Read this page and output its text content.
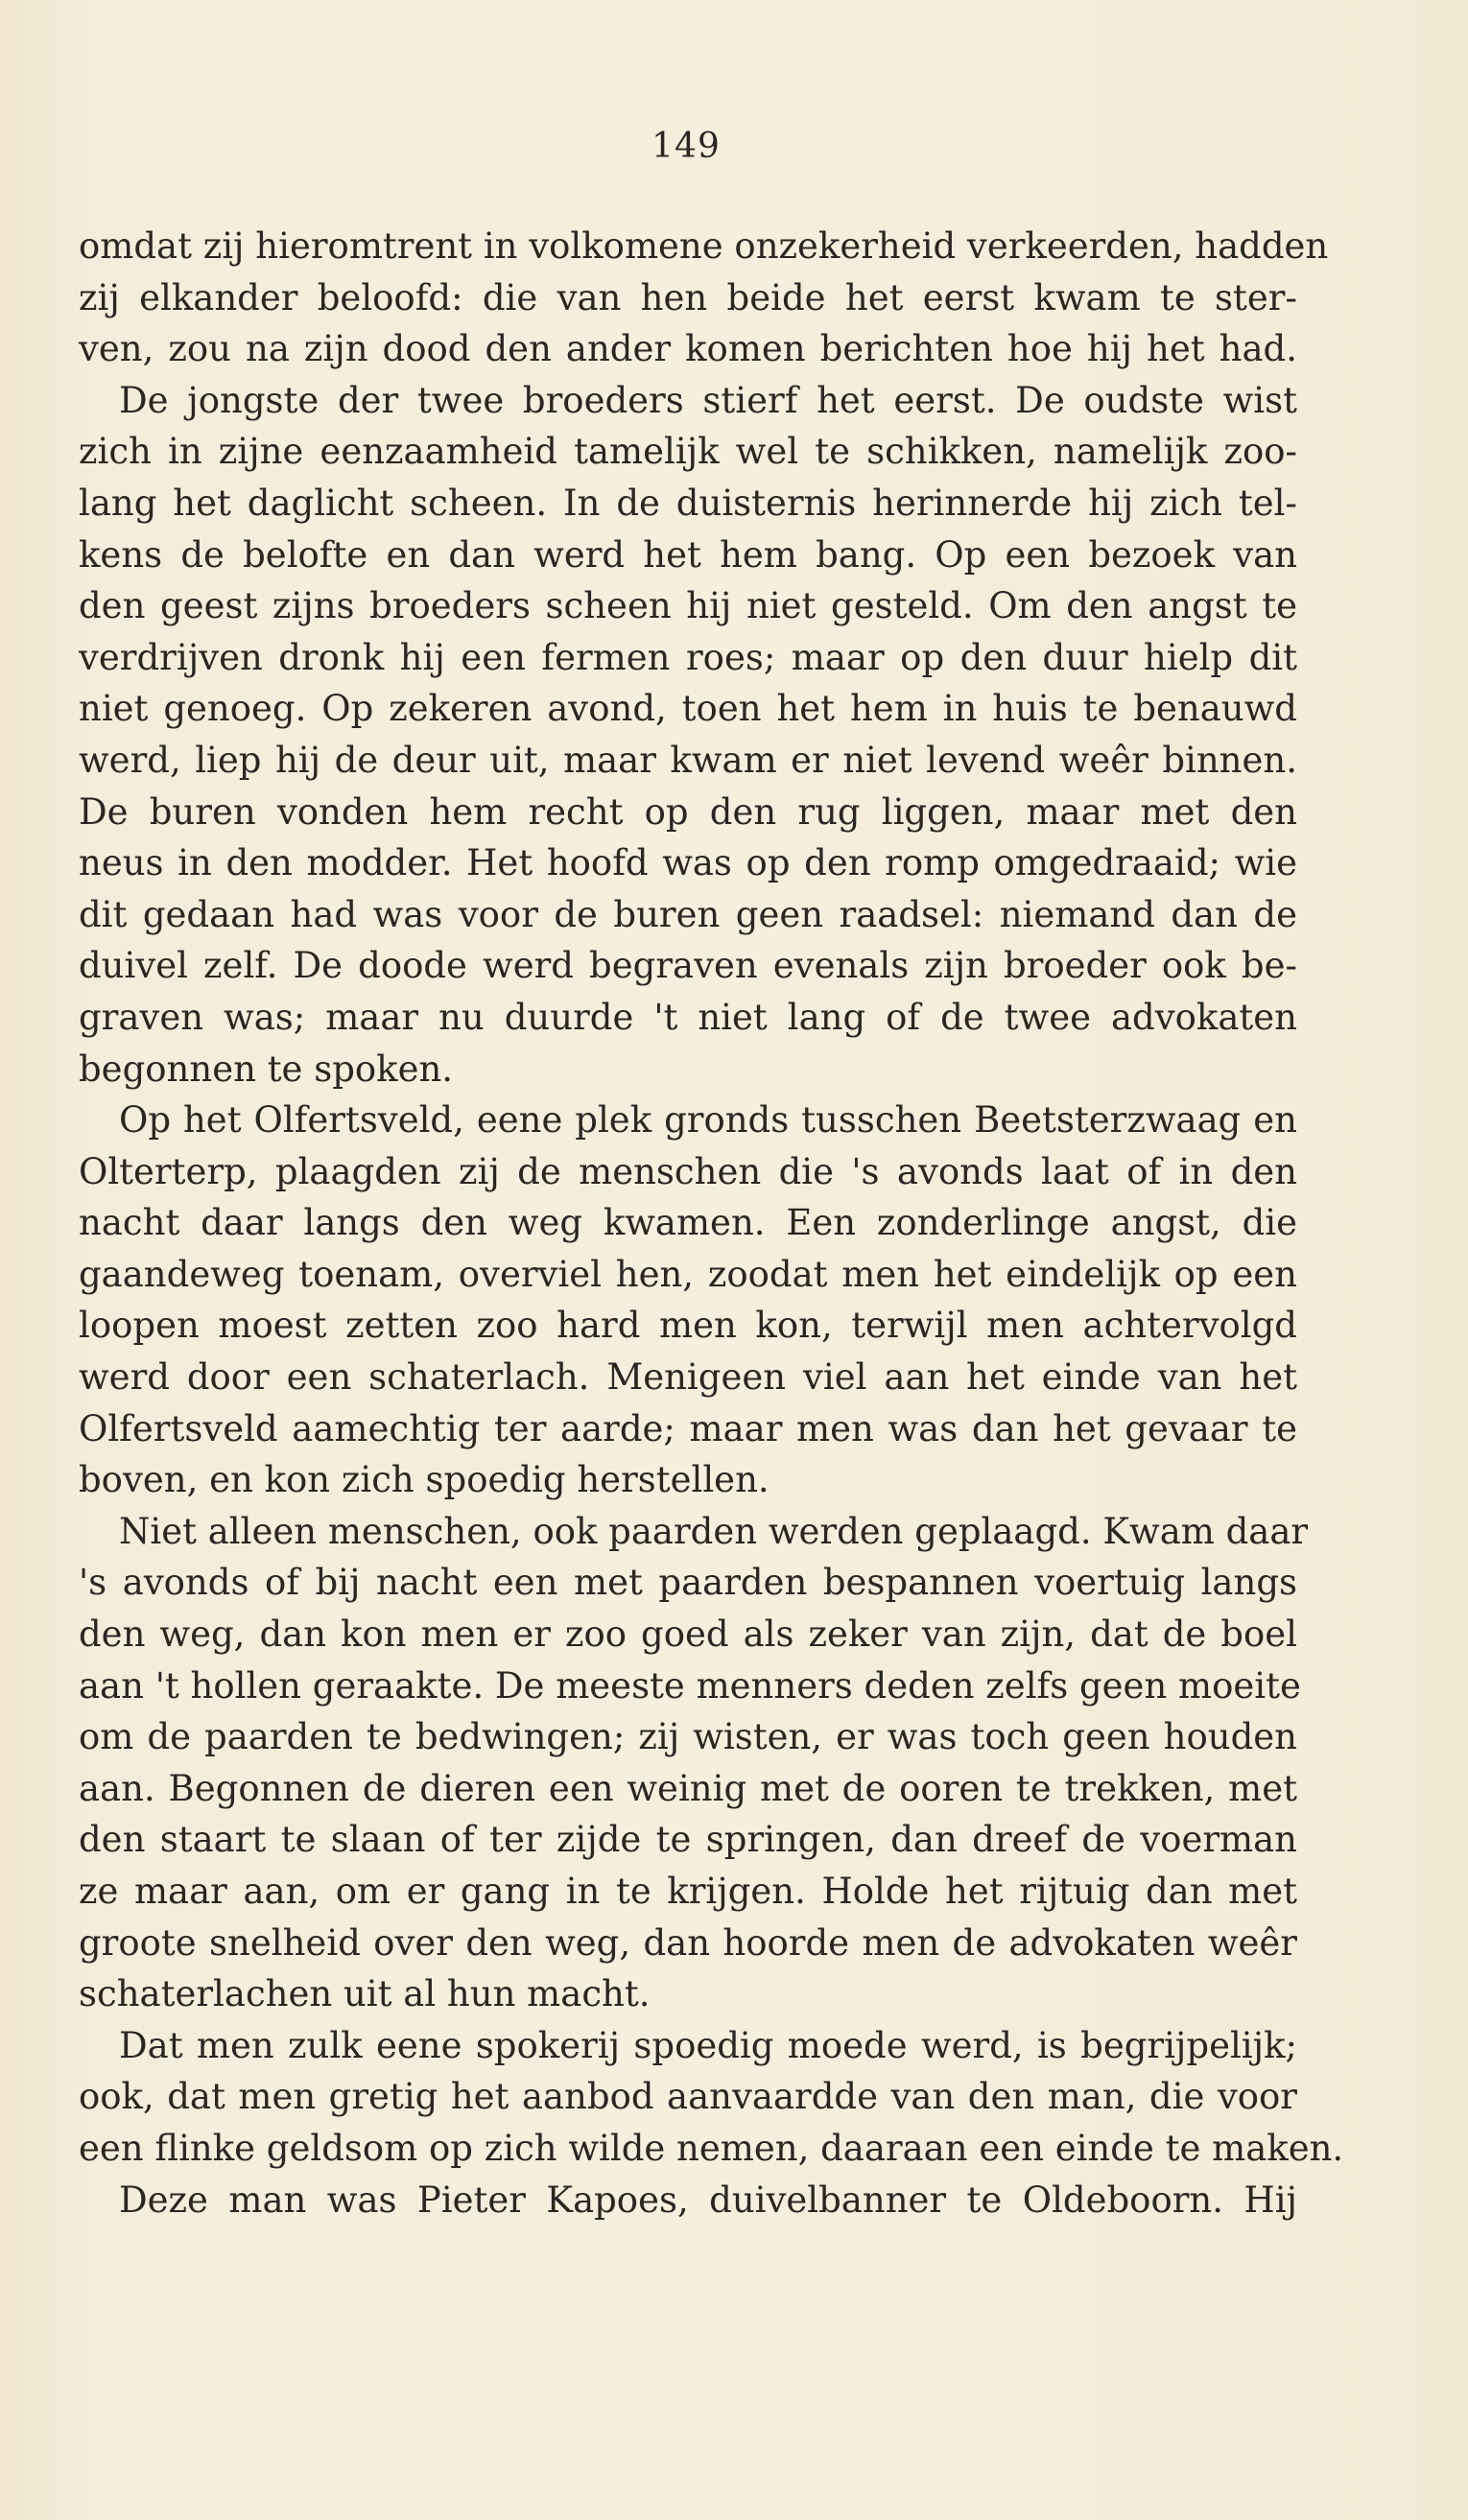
149
omdat zij hieromtrent in volkomene onzekerheid verkeerden, hadden
zij elkander beloofd: die van hen beide het eerst kwam te ster-
ven, zou na zijn dood den ander komen berichten hoe hij het had.
De jongste der twee broeders stierf het eerst. De oudste wist
zich in zijne eenzaamheid tamelijk wel te schikken, namelijk zoo-
lang het daglicht scheen. In de duisternis herinnerde hij zich tel-
kens de belofte en dan werd het hem bang. Op een bezoek van
den geest zijns broeders scheen hij niet gesteld. Om den angst te
verdrijven dronk hij een fermen roes; maar op den duur hielp dit
niet genoeg. Op zekeren avond, toen het hem in huis te benauwd
werd, liep hij de deur uit, maar kwam er niet levend weêr binnen.
De buren vonden hem recht op den rug liggen, maar met den
neus in den modder. Het hoofd was op den romp omgedraaid; wie
dit gedaan had was voor de buren geen raadsel: niemand dan de
duivel zelf. De doode werd begraven evenals zijn broeder ook be-
graven was; maar nu duurde 't niet lang of de twee advokaten
begonnen te spoken.
Op het Olfertsveld, eene plek gronds tusschen Beetsterzwaag en
Olterterp, plaagden zij de menschen die 's avonds laat of in den
nacht daar langs den weg kwamen. Een zonderlinge angst, die
gaandeweg toenam, overviel hen, zoodat men het eindelijk op een
loopen moest zetten zoo hard men kon, terwijl men achtervolgd
werd door een schaterlach. Menigeen viel aan het einde van het
Olfertsveld aamechtig ter aarde; maar men was dan het gevaar te
boven, en kon zich spoedig herstellen.
Niet alleen menschen, ook paarden werden geplaagd. Kwam daar
's avonds of bij nacht een met paarden bespannen voertuig langs
den weg, dan kon men er zoo goed als zeker van zijn, dat de boel
aan 't hollen geraakte. De meeste menners deden zelfs geen moeite
om de paarden te bedwingen; zij wisten, er was toch geen houden
aan. Begonnen de dieren een weinig met de ooren te trekken, met
den staart te slaan of ter zijde te springen, dan dreef de voerman
ze maar aan, om er gang in te krijgen. Holde het rijtuig dan met
groote snelheid over den weg, dan hoorde men de advokaten weêr
schaterlachen uit al hun macht.
Dat men zulk eene spokerij spoedig moede werd, is begrijpelijk;
ook, dat men gretig het aanbod aanvaardde van den man, die voor
een flinke geldsom op zich wilde nemen, daaraan een einde te maken.
Deze man was Pieter Kapoes, duivelbanner te Oldeboorn. Hij
